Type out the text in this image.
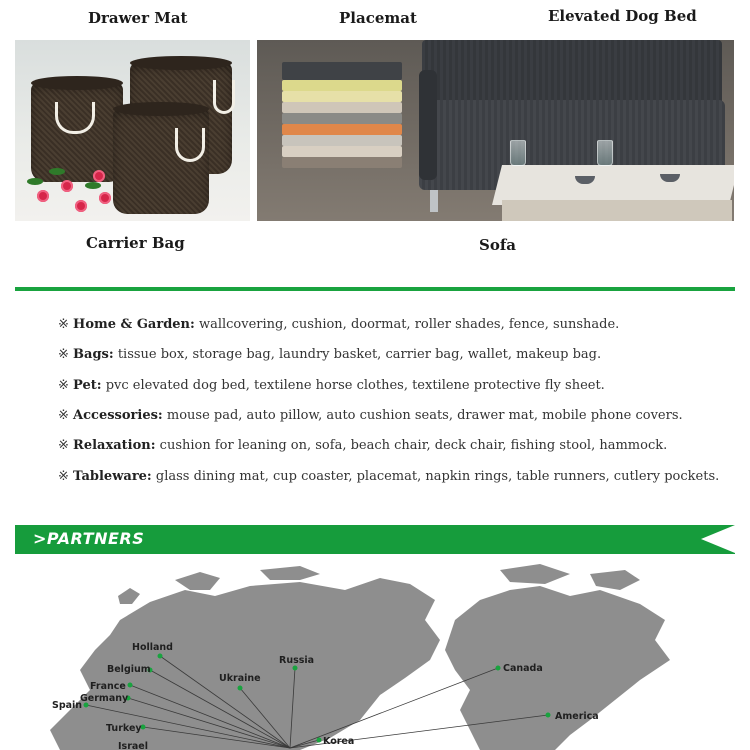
Drawer Mat	Placemat	Elevated Dog Bed
Carrier Bag	Sofa
※ Home & Garden: wallcovering, cushion, doormat, roller shades, fence, sunshade.
※ Bags: tissue box, storage bag, laundry basket, carrier bag, wallet, makeup bag.
※ Pet: pvc elevated dog bed, textilene horse clothes, textilene protective fly sheet.
※ Accessories: mouse pad, auto pillow, auto cushion seats, drawer mat, mobile phone covers.
※ Relaxation: cushion for leaning on, sofa, beach chair, deck chair, fishing stool, hammock.
※ Tableware: glass dining mat, cup coaster, placemat, napkin rings, table runners, cutlery pockets.
>PARTNERS
Holland
Belgium
France
Germany
Spain
Turkey
Israel
Ukraine
Russia
Korea
Canada
America
